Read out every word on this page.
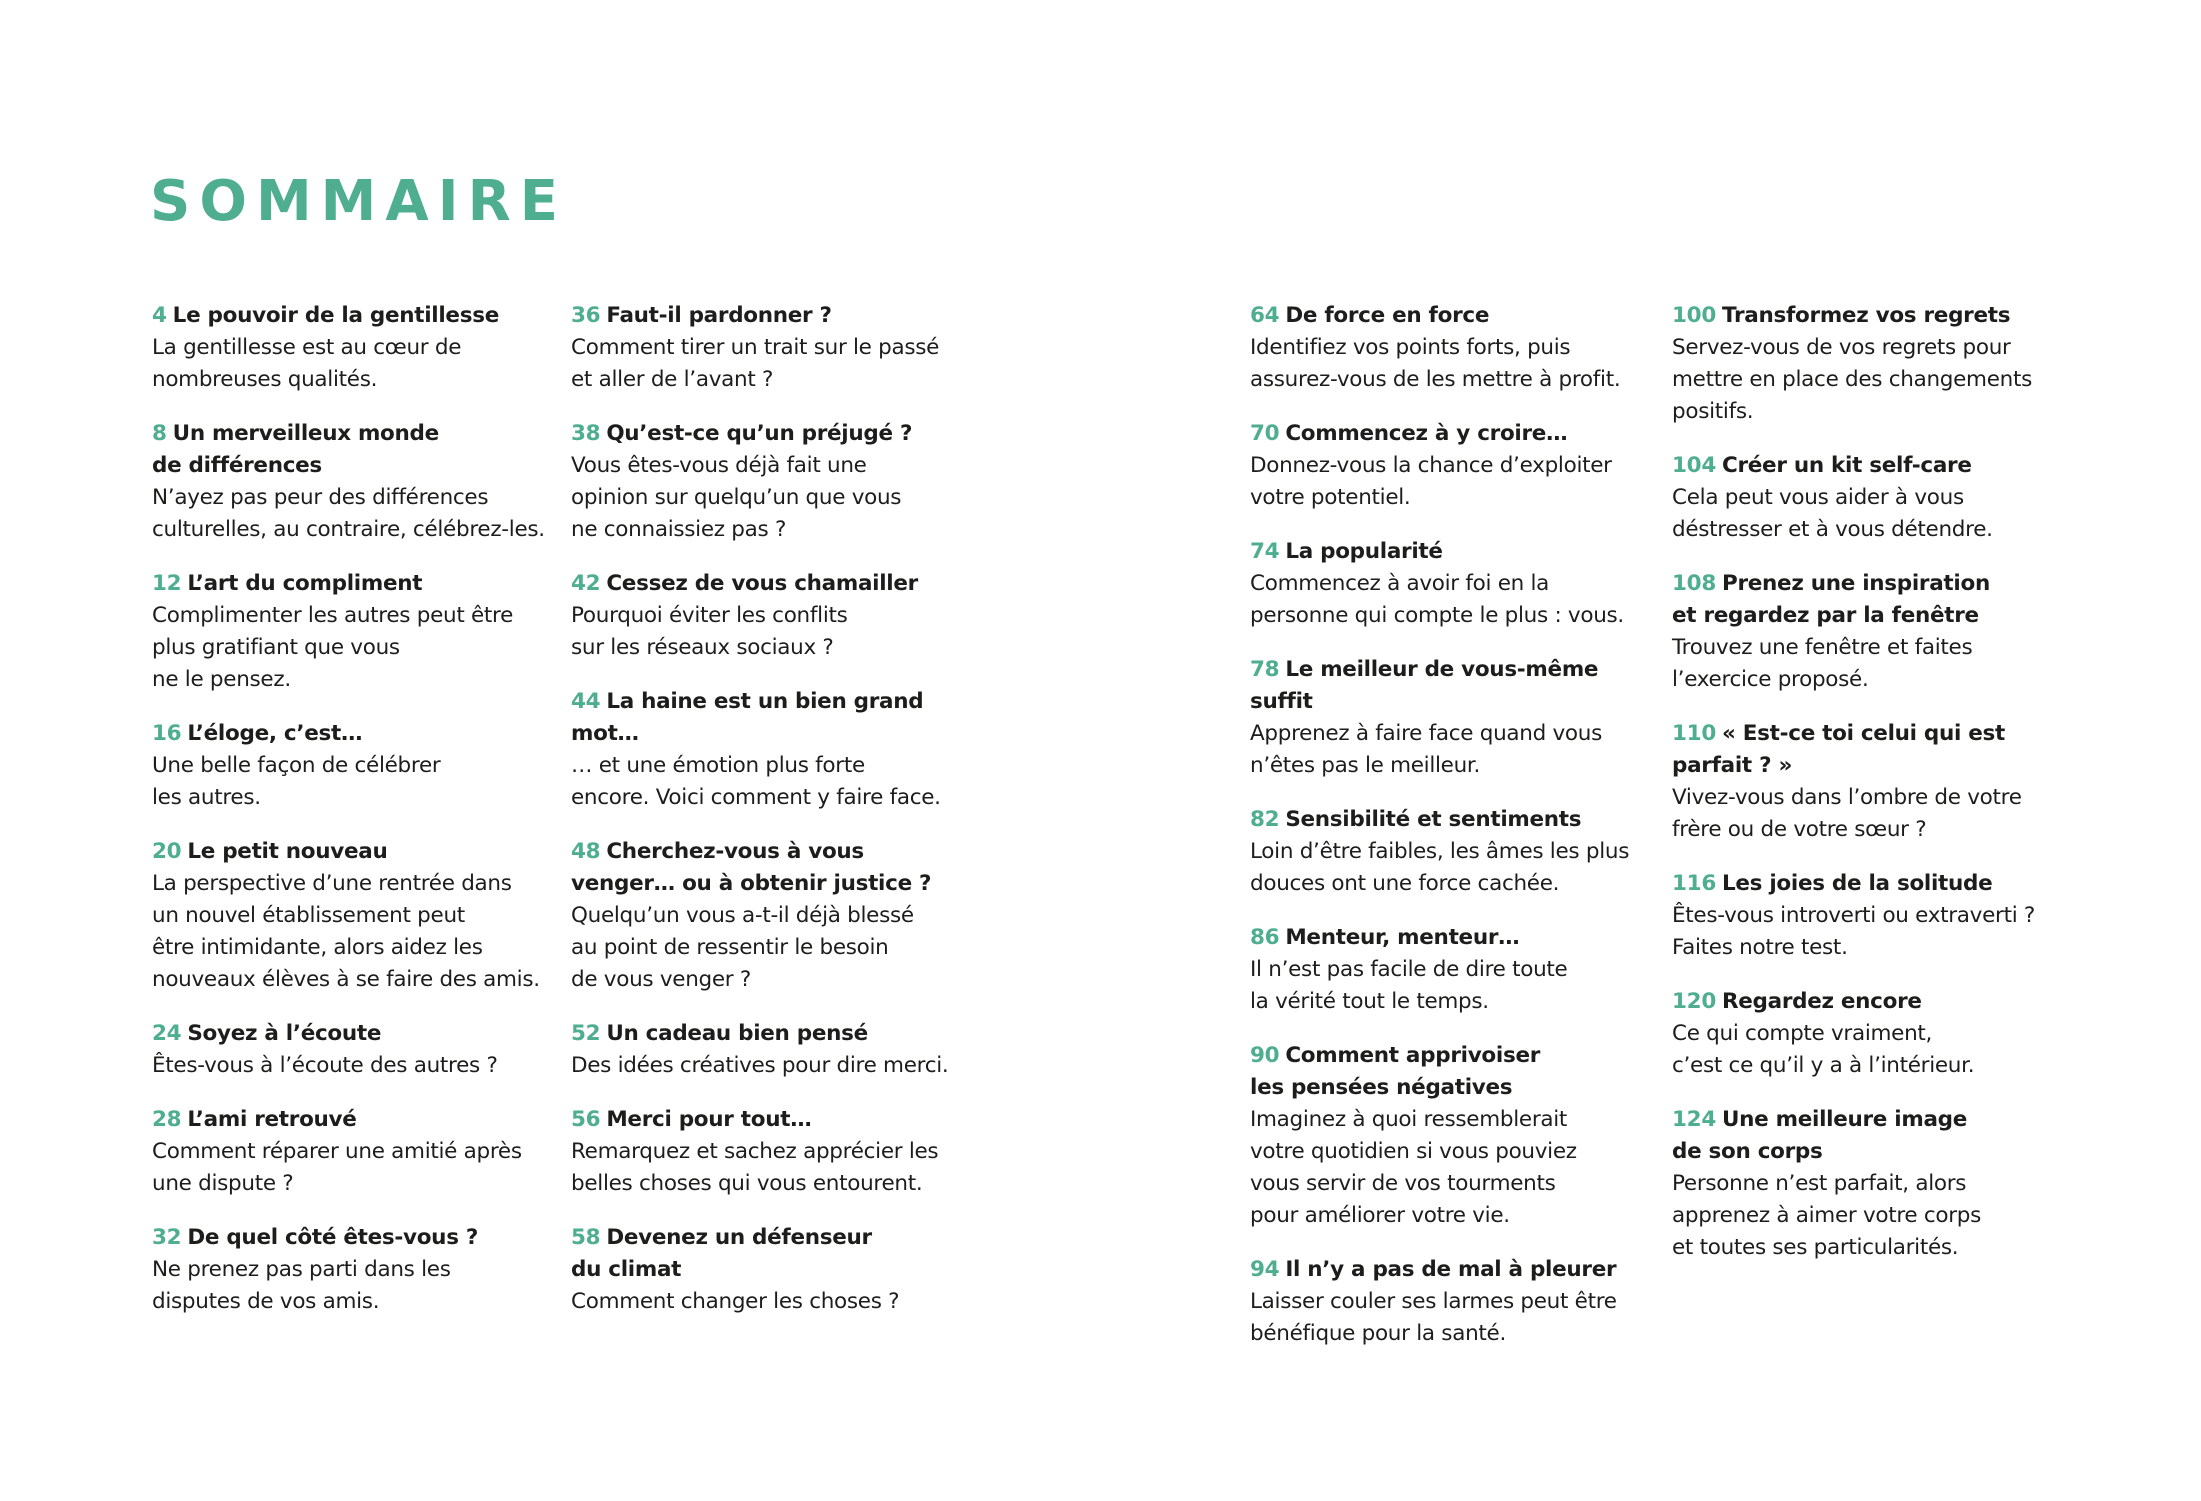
SOMMAIRE
4 Le pouvoir de la gentillesse
La gentillesse est au cœur de
nombreuses qualités.
8 Un merveilleux monde
de différences
N’ayez pas peur des différences
culturelles, au contraire, célébrez-les.
12 L’art du compliment
Complimenter les autres peut être
plus gratifiant que vous
ne le pensez.
16 L’éloge, c’est…
Une belle façon de célébrer
les autres.
20 Le petit nouveau
La perspective d’une rentrée dans
un nouvel établissement peut
être intimidante, alors aidez les
nouveaux élèves à se faire des amis.
24 Soyez à l’écoute
Êtes-vous à l’écoute des autres ?
28 L’ami retrouvé
Comment réparer une amitié après
une dispute ?
32 De quel côté êtes-vous ?
Ne prenez pas parti dans les
disputes de vos amis.
36 Faut-il pardonner ?
Comment tirer un trait sur le passé
et aller de l’avant ?
38 Qu’est-ce qu’un préjugé ?
Vous êtes-vous déjà fait une
opinion sur quelqu’un que vous
ne connaissiez pas ?
42 Cessez de vous chamailler
Pourquoi éviter les conflits
sur les réseaux sociaux ?
44 La haine est un bien grand
mot…
… et une émotion plus forte
encore. Voici comment y faire face.
48 Cherchez-vous à vous
venger… ou à obtenir justice ?
Quelqu’un vous a-t-il déjà blessé
au point de ressentir le besoin
de vous venger ?
52 Un cadeau bien pensé
Des idées créatives pour dire merci.
56 Merci pour tout…
Remarquez et sachez apprécier les
belles choses qui vous entourent.
58 Devenez un défenseur
du climat
Comment changer les choses ?
64 De force en force
Identifiez vos points forts, puis
assurez-vous de les mettre à profit.
70 Commencez à y croire…
Donnez-vous la chance d’exploiter
votre potentiel.
74 La popularité
Commencez à avoir foi en la
personne qui compte le plus : vous.
78 Le meilleur de vous-même
suffit
Apprenez à faire face quand vous
n’êtes pas le meilleur.
82 Sensibilité et sentiments
Loin d’être faibles, les âmes les plus
douces ont une force cachée.
86 Menteur, menteur…
Il n’est pas facile de dire toute
la vérité tout le temps.
90 Comment apprivoiser
les pensées négatives
Imaginez à quoi ressemblerait
votre quotidien si vous pouviez
vous servir de vos tourments
pour améliorer votre vie.
94 Il n’y a pas de mal à pleurer
Laisser couler ses larmes peut être
bénéfique pour la santé.
100 Transformez vos regrets
Servez-vous de vos regrets pour
mettre en place des changements
positifs.
104 Créer un kit self-care
Cela peut vous aider à vous
déstresser et à vous détendre.
108 Prenez une inspiration
et regardez par la fenêtre
Trouvez une fenêtre et faites
l’exercice proposé.
110 « Est-ce toi celui qui est
parfait ? »
Vivez-vous dans l’ombre de votre
frère ou de votre sœur ?
116 Les joies de la solitude
Êtes-vous introverti ou extraverti ?
Faites notre test.
120 Regardez encore
Ce qui compte vraiment,
c’est ce qu’il y a à l’intérieur.
124 Une meilleure image
de son corps
Personne n’est parfait, alors
apprenez à aimer votre corps
et toutes ses particularités.
